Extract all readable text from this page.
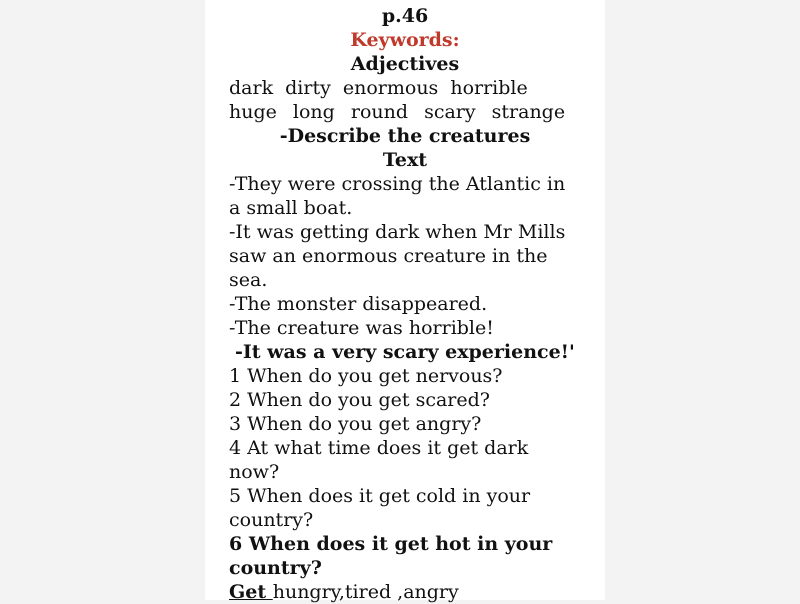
p.46
Keywords:
Adjectives
dark dirty enormous horrible
huge long round scary strange
-Describe the creatures
Text
-They were crossing the Atlantic in
a small boat.
-It was getting dark when Mr Mills
saw an enormous creature in the
sea.
-The monster disappeared.
-The creature was horrible!
-It was a very scary experience!'
1 When do you get nervous?
2 When do you get scared?
3 When do you get angry?
4 At what time does it get dark
now?
5 When does it get cold in your
country?
6 When does it get hot in your
country?
Get hungry,tired ,angry
